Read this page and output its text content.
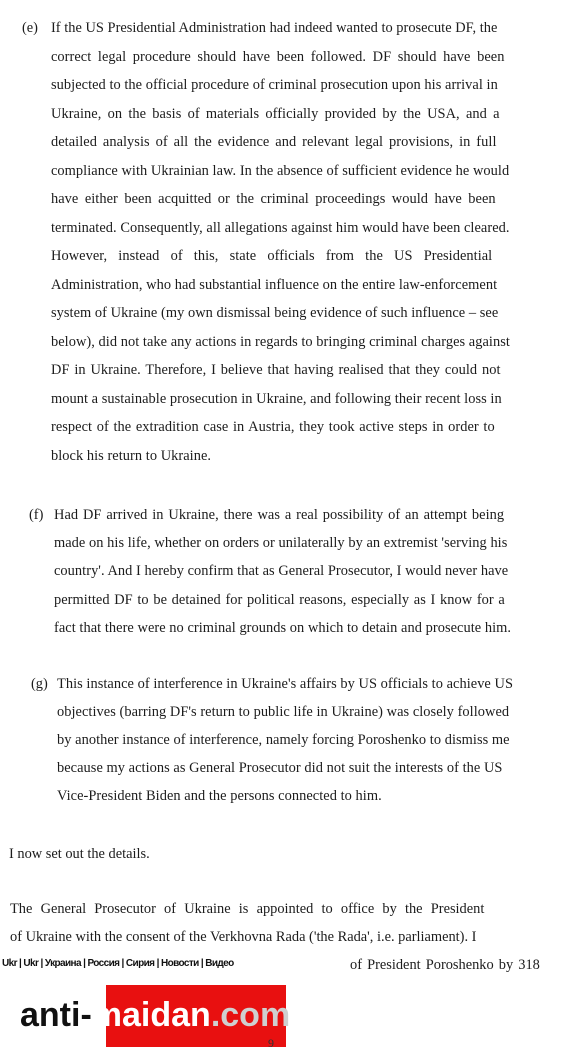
(e) If the US Presidential Administration had indeed wanted to prosecute DF, the
correct legal procedure should have been followed. DF should have been
subjected to the official procedure of criminal prosecution upon his arrival in
Ukraine, on the basis of materials officially provided by the USA, and a
detailed analysis of all the evidence and relevant legal provisions, in full
compliance with Ukrainian law. In the absence of sufficient evidence he would
have either been acquitted or the criminal proceedings would have been
terminated. Consequently, all allegations against him would have been cleared.
However, instead of this, state officials from the US Presidential
Administration, who had substantial influence on the entire law-enforcement
system of Ukraine (my own dismissal being evidence of such influence – see
below), did not take any actions in regards to bringing criminal charges against
DF in Ukraine. Therefore, I believe that having realised that they could not
mount a sustainable prosecution in Ukraine, and following their recent loss in
respect of the extradition case in Austria, they took active steps in order to
block his return to Ukraine.
(f) Had DF arrived in Ukraine, there was a real possibility of an attempt being
made on his life, whether on orders or unilaterally by an extremist 'serving his
country'. And I hereby confirm that as General Prosecutor, I would never have
permitted DF to be detained for political reasons, especially as I know for a
fact that there were no criminal grounds on which to detain and prosecute him.
(g) This instance of interference in Ukraine's affairs by US officials to achieve US
objectives (barring DF's return to public life in Ukraine) was closely followed
by another instance of interference, namely forcing Poroshenko to dismiss me
because my actions as General Prosecutor did not suit the interests of the US
Vice-President Biden and the persons connected to him.
I now set out the details.
The General Prosecutor of Ukraine is appointed to office by the President
of Ukraine with the consent of the Verkhovna Rada ('the Rada', i.e. parliament). I
of President Poroshenko by 318
Ukr | Ukr | Украина | Россия | Сирия | Новости | Видео
anti-maidan.com
9
